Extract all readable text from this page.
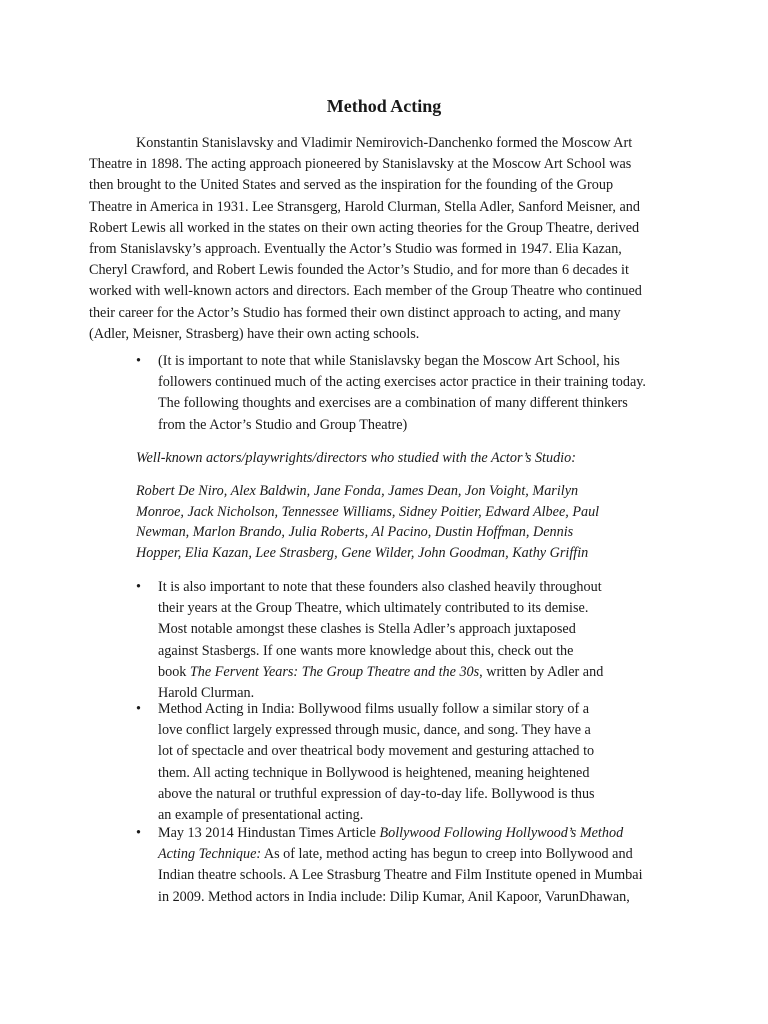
Method Acting
Konstantin Stanislavsky and Vladimir Nemirovich-Danchenko formed the Moscow Art
Theatre in 1898. The acting approach pioneered by Stanislavsky at the Moscow Art School was
then brought to the United States and served as the inspiration for the founding of the Group
Theatre in America in 1931. Lee Stransgerg, Harold Clurman, Stella Adler, Sanford Meisner, and
Robert Lewis all worked in the states on their own acting theories for the Group Theatre, derived
from Stanislavsky’s approach. Eventually the Actor’s Studio was formed in 1947. Elia Kazan,
Cheryl Crawford, and Robert Lewis founded the Actor’s Studio, and for more than 6 decades it
worked with well-known actors and directors. Each member of the Group Theatre who continued
their career for the Actor’s Studio has formed their own distinct approach to acting, and many
(Adler, Meisner, Strasberg) have their own acting schools.
•	(It is important to note that while Stanislavsky began the Moscow Art School, his
followers continued much of the acting exercises actor practice in their training today.
The following thoughts and exercises are a combination of many different thinkers
from the Actor’s Studio and Group Theatre)
Well-known actors/playwrights/directors who studied with the Actor’s Studio:
Robert De Niro, Alex Baldwin, Jane Fonda, James Dean, Jon Voight, Marilyn
Monroe, Jack Nicholson, Tennessee Williams, Sidney Poitier, Edward Albee, Paul
Newman, Marlon Brando, Julia Roberts, Al Pacino, Dustin Hoffman, Dennis
Hopper, Elia Kazan, Lee Strasberg, Gene Wilder, John Goodman, Kathy Griffin
•	It is also important to note that these founders also clashed heavily throughout
their years at the Group Theatre, which ultimately contributed to its demise.
Most notable amongst these clashes is Stella Adler’s approach juxtaposed
against Stasbergs. If one wants more knowledge about this, check out the
book The Fervent Years: The Group Theatre and the 30s, written by Adler and
Harold Clurman.
•	Method Acting in India: Bollywood films usually follow a similar story of a
love conflict largely expressed through music, dance, and song. They have a
lot of spectacle and over theatrical body movement and gesturing attached to
them. All acting technique in Bollywood is heightened, meaning heightened
above the natural or truthful expression of day-to-day life. Bollywood is thus
an example of presentational acting.
•	May 13 2014 Hindustan Times Article Bollywood Following Hollywood’s Method
Acting Technique: As of late, method acting has begun to creep into Bollywood and
Indian theatre schools. A Lee Strasburg Theatre and Film Institute opened in Mumbai
in 2009. Method actors in India include: Dilip Kumar, Anil Kapoor, VarunDhawan,
